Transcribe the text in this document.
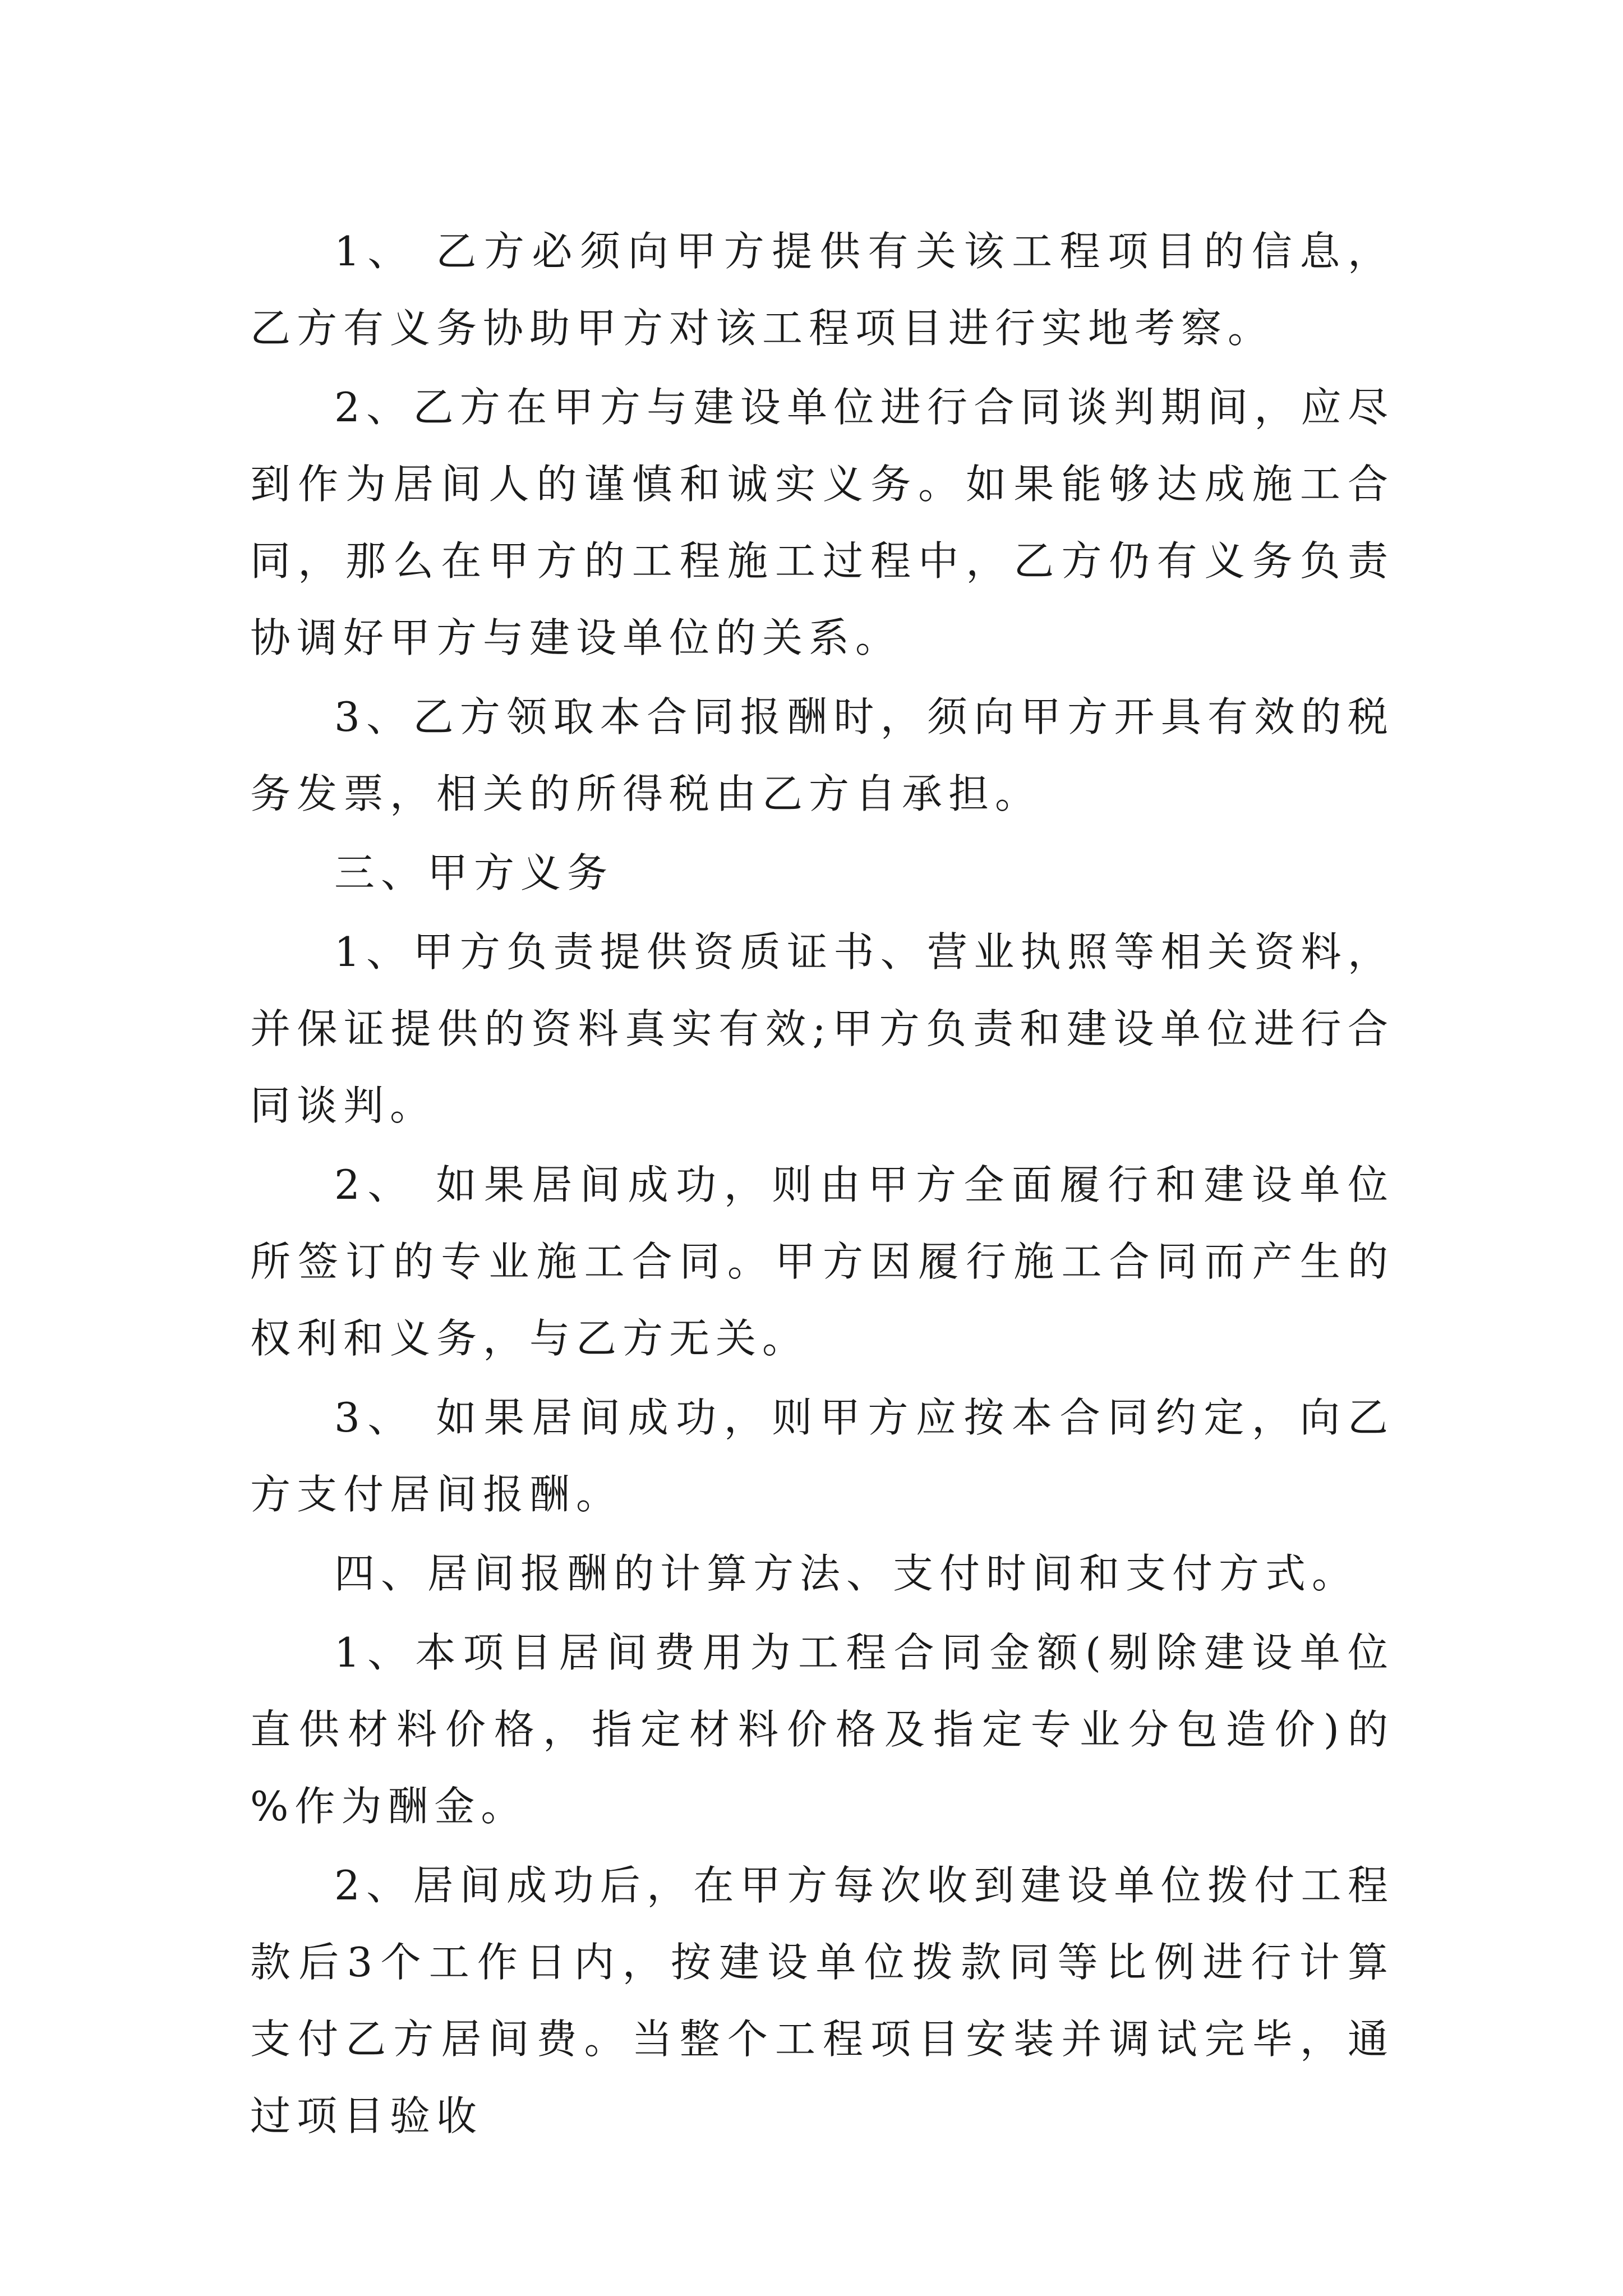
1、 乙方必须向甲方提供有关该工程项目的信息，乙方有义务协助甲方对该工程项目进行实地考察。

2、乙方在甲方与建设单位进行合同谈判期间，应尽到作为居间人的谨慎和诚实义务。如果能够达成施工合同，那么在甲方的工程施工过程中，乙方仍有义务负责协调好甲方与建设单位的关系。

3、乙方领取本合同报酬时，须向甲方开具有效的税务发票，相关的所得税由乙方自承担。

三、甲方义务

1、甲方负责提供资质证书、营业执照等相关资料，并保证提供的资料真实有效;甲方负责和建设单位进行合同谈判。

2、 如果居间成功，则由甲方全面履行和建设单位所签订的专业施工合同。甲方因履行施工合同而产生的权利和义务，与乙方无关。

3、 如果居间成功，则甲方应按本合同约定，向乙方支付居间报酬。

四、居间报酬的计算方法、支付时间和支付方式。

1、本项目居间费用为工程合同金额(剔除建设单位直供材料价格，指定材料价格及指定专业分包造价)的 %作为酬金。

2、居间成功后，在甲方每次收到建设单位拨付工程款后3个工作日内，按建设单位拨款同等比例进行计算支付乙方居间费。当整个工程项目安装并调试完毕，通过项目验收
